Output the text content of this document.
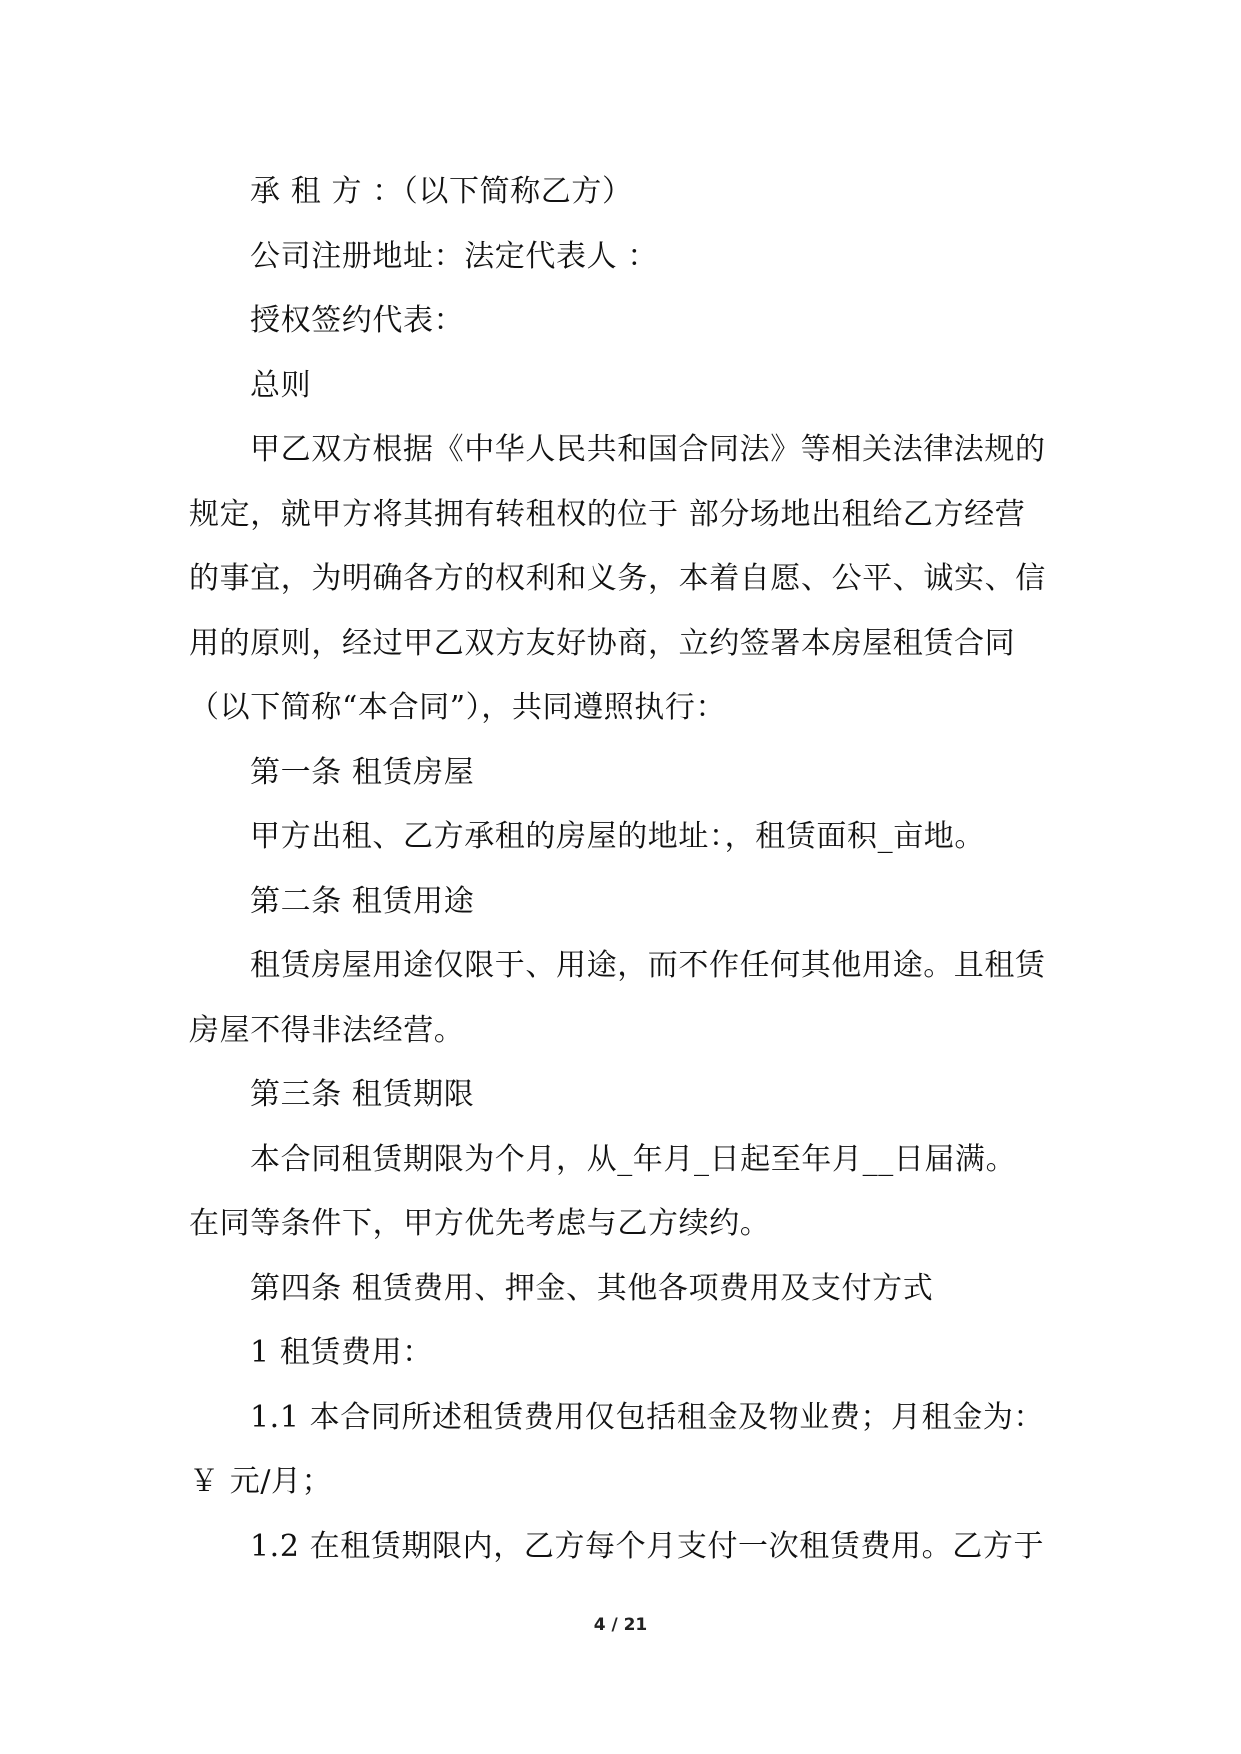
承 租 方 ：（以下简称乙方）
公司注册地址：法定代表人 ：
授权签约代表：
总则
甲乙双方根据《中华人民共和国合同法》等相关法律法规的
规定，就甲方将其拥有转租权的位于 部分场地出租给乙方经营
的事宜，为明确各方的权利和义务，本着自愿、公平、诚实、信
用的原则，经过甲乙双方友好协商，立约签署本房屋租赁合同
（以下简称“本合同”），共同遵照执行：
第一条 租赁房屋
甲方出租、乙方承租的房屋的地址：，租赁面积_亩地。
第二条 租赁用途
租赁房屋用途仅限于、用途，而不作任何其他用途。且租赁
房屋不得非法经营。
第三条 租赁期限
本合同租赁期限为个月，从_年月_日起至年月__日届满。
在同等条件下，甲方优先考虑与乙方续约。
第四条 租赁费用、押金、其他各项费用及支付方式
1 租赁费用：
1.1 本合同所述租赁费用仅包括租金及物业费；月租金为：
￥ 元/月；
1.2 在租赁期限内，乙方每个月支付一次租赁费用。乙方于
4 / 21
